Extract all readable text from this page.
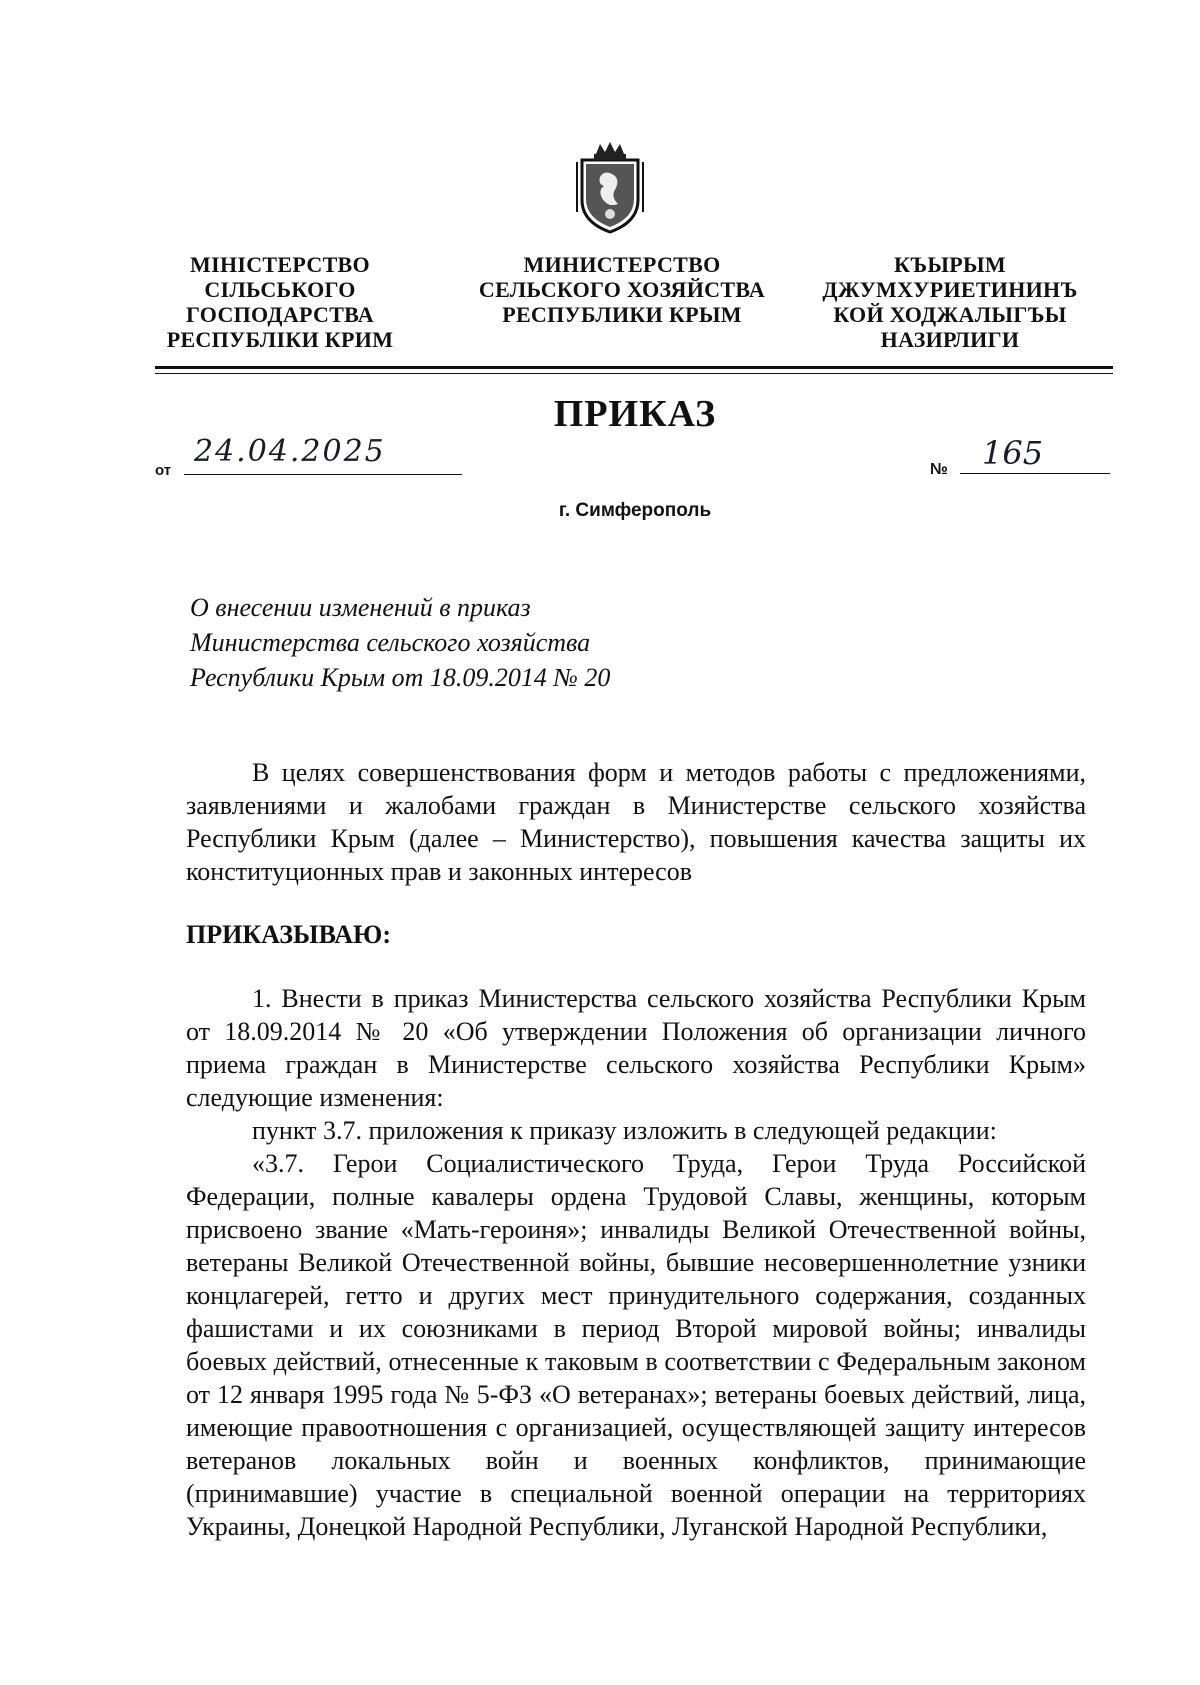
МІНІСТЕРСТВО
СІЛЬСЬКОГО
ГОСПОДАРСТВА
РЕСПУБЛІКИ КРИМ
МИНИСТЕРСТВО
СЕЛЬСКОГО ХОЗЯЙСТВА
РЕСПУБЛИКИ КРЫМ
КЪЫРЫМ
ДЖУМХУРИЕТИНИНЪ
КОЙ ХОДЖАЛЫГЪЫ
НАЗИРЛИГИ
ПРИКАЗ
от
24.04.2025
№	165
г. Симферополь
О внесении изменений в приказ
Министерства сельского хозяйства
Республики Крым от 18.09.2014 № 20

В целях совершенствования форм и методов работы с предложениями, заявлениями и жалобами граждан в Министерстве сельского хозяйства Республики Крым (далее – Министерство), повышения качества защиты их конституционных прав и законных интересов

ПРИКАЗЫВАЮ:

1. Внести в приказ Министерства сельского хозяйства Республики Крым от 18.09.2014 № 20 «Об утверждении Положения об организации личного приема граждан в Министерстве сельского хозяйства Республики Крым» следующие изменения:

пункт 3.7. приложения к приказу изложить в следующей редакции:

«3.7. Герои Социалистического Труда, Герои Труда Российской Федерации, полные кавалеры ордена Трудовой Славы, женщины, которым присвоено звание «Мать-героиня»; инвалиды Великой Отечественной войны, ветераны Великой Отечественной войны, бывшие несовершеннолетние узники концлагерей, гетто и других мест принудительного содержания, созданных фашистами и их союзниками в период Второй мировой войны; инвалиды боевых действий, отнесенные к таковым в соответствии с Федеральным законом от 12 января 1995 года № 5-ФЗ «О ветеранах»; ветераны боевых действий, лица, имеющие правоотношения с организацией, осуществляющей защиту интересов ветеранов локальных войн и военных конфликтов, принимающие (принимавшие) участие в специальной военной операции на территориях Украины, Донецкой Народной Республики, Луганской Народной Республики,
